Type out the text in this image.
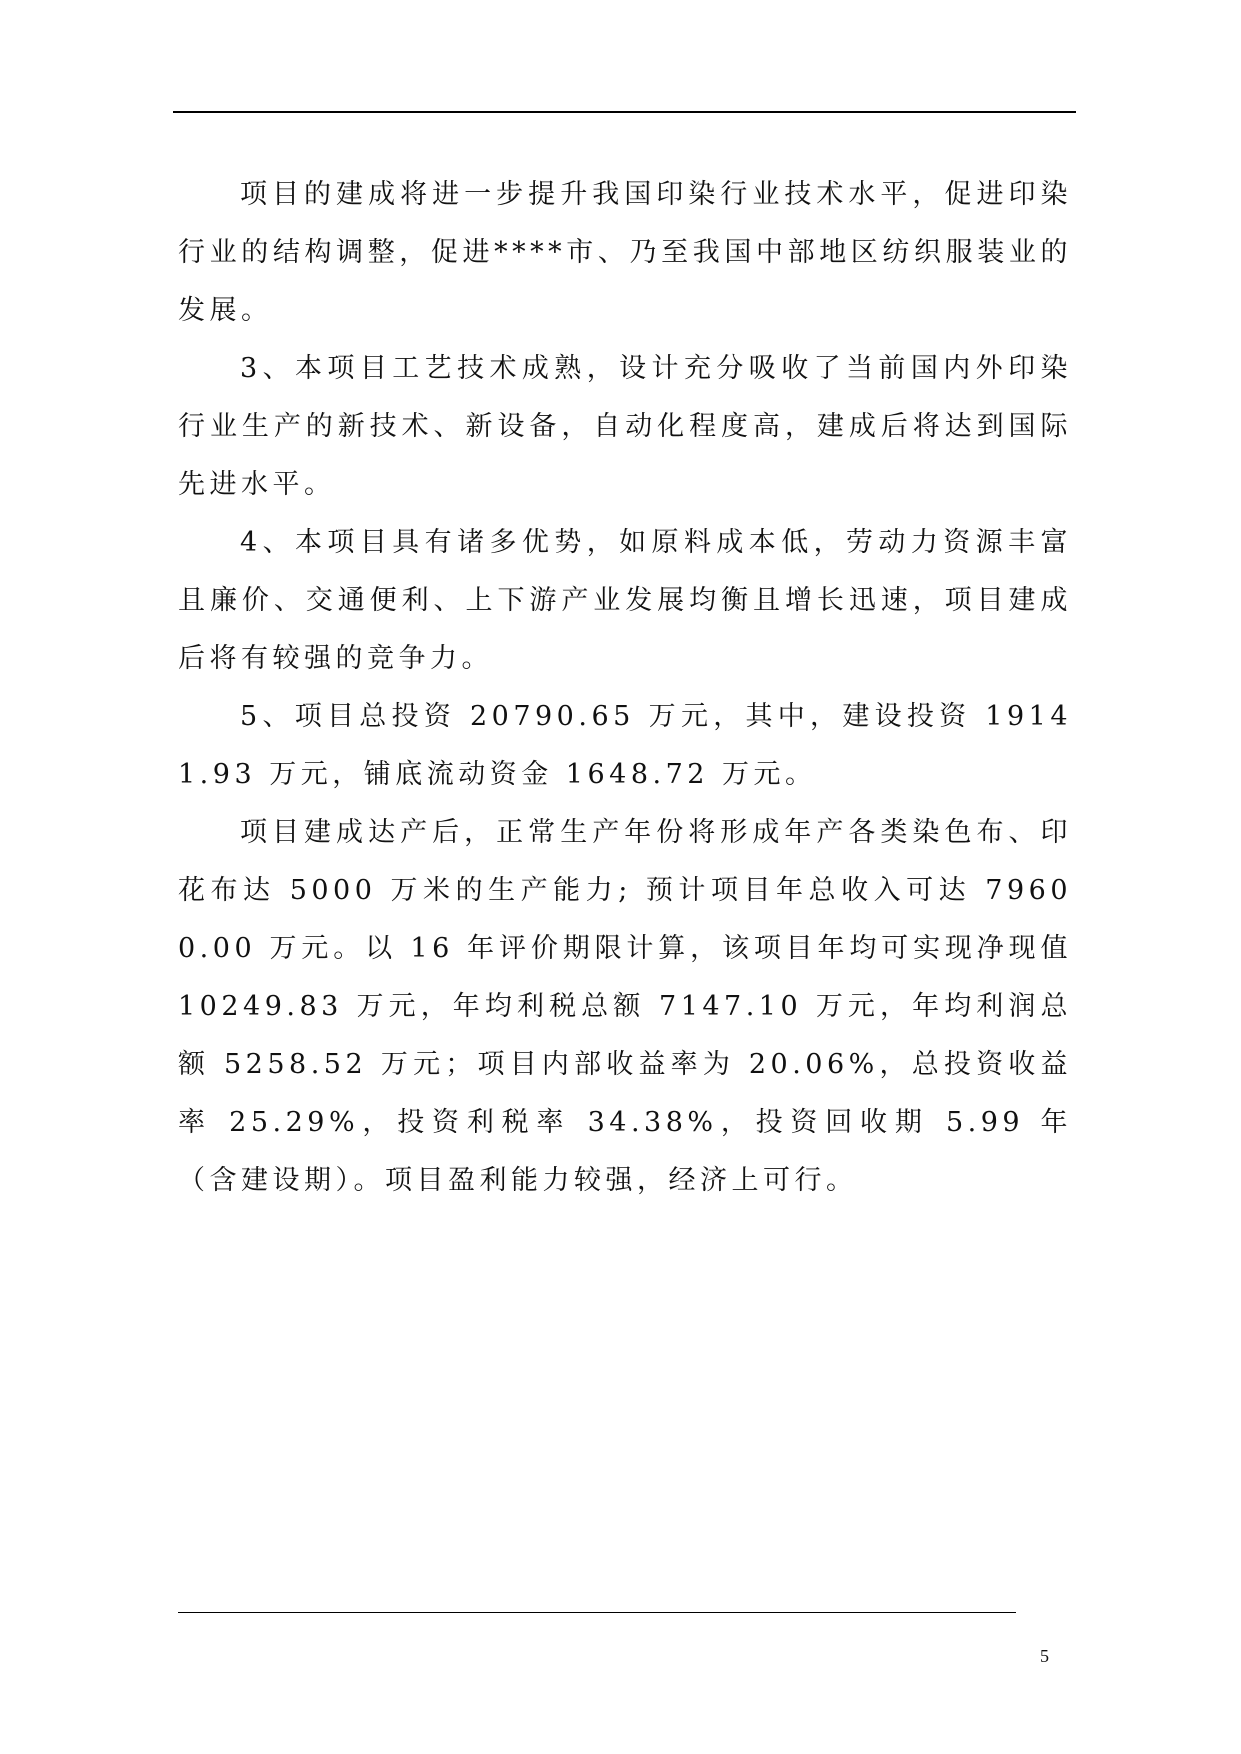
项目的建成将进一步提升我国印染行业技术水平，促进印染行业的结构调整，促进****市、乃至我国中部地区纺织服装业的发展。

3、本项目工艺技术成熟，设计充分吸收了当前国内外印染行业生产的新技术、新设备，自动化程度高，建成后将达到国际先进水平。

4、本项目具有诸多优势，如原料成本低，劳动力资源丰富且廉价、交通便利、上下游产业发展均衡且增长迅速，项目建成后将有较强的竞争力。

5、项目总投资 20790.65 万元，其中，建设投资 19141.93 万元，铺底流动资金 1648.72 万元。

项目建成达产后，正常生产年份将形成年产各类染色布、印花布达 5000 万米的生产能力; 预计项目年总收入可达 79600.00 万元。以 16 年评价期限计算，该项目年均可实现净现值 10249.83 万元，年均利税总额 7147.10 万元，年均利润总额 5258.52 万元；项目内部收益率为 20.06%，总投资收益率 25.29%，投资利税率 34.38%，投资回收期 5.99 年（含建设期）。项目盈利能力较强，经济上可行。

5
